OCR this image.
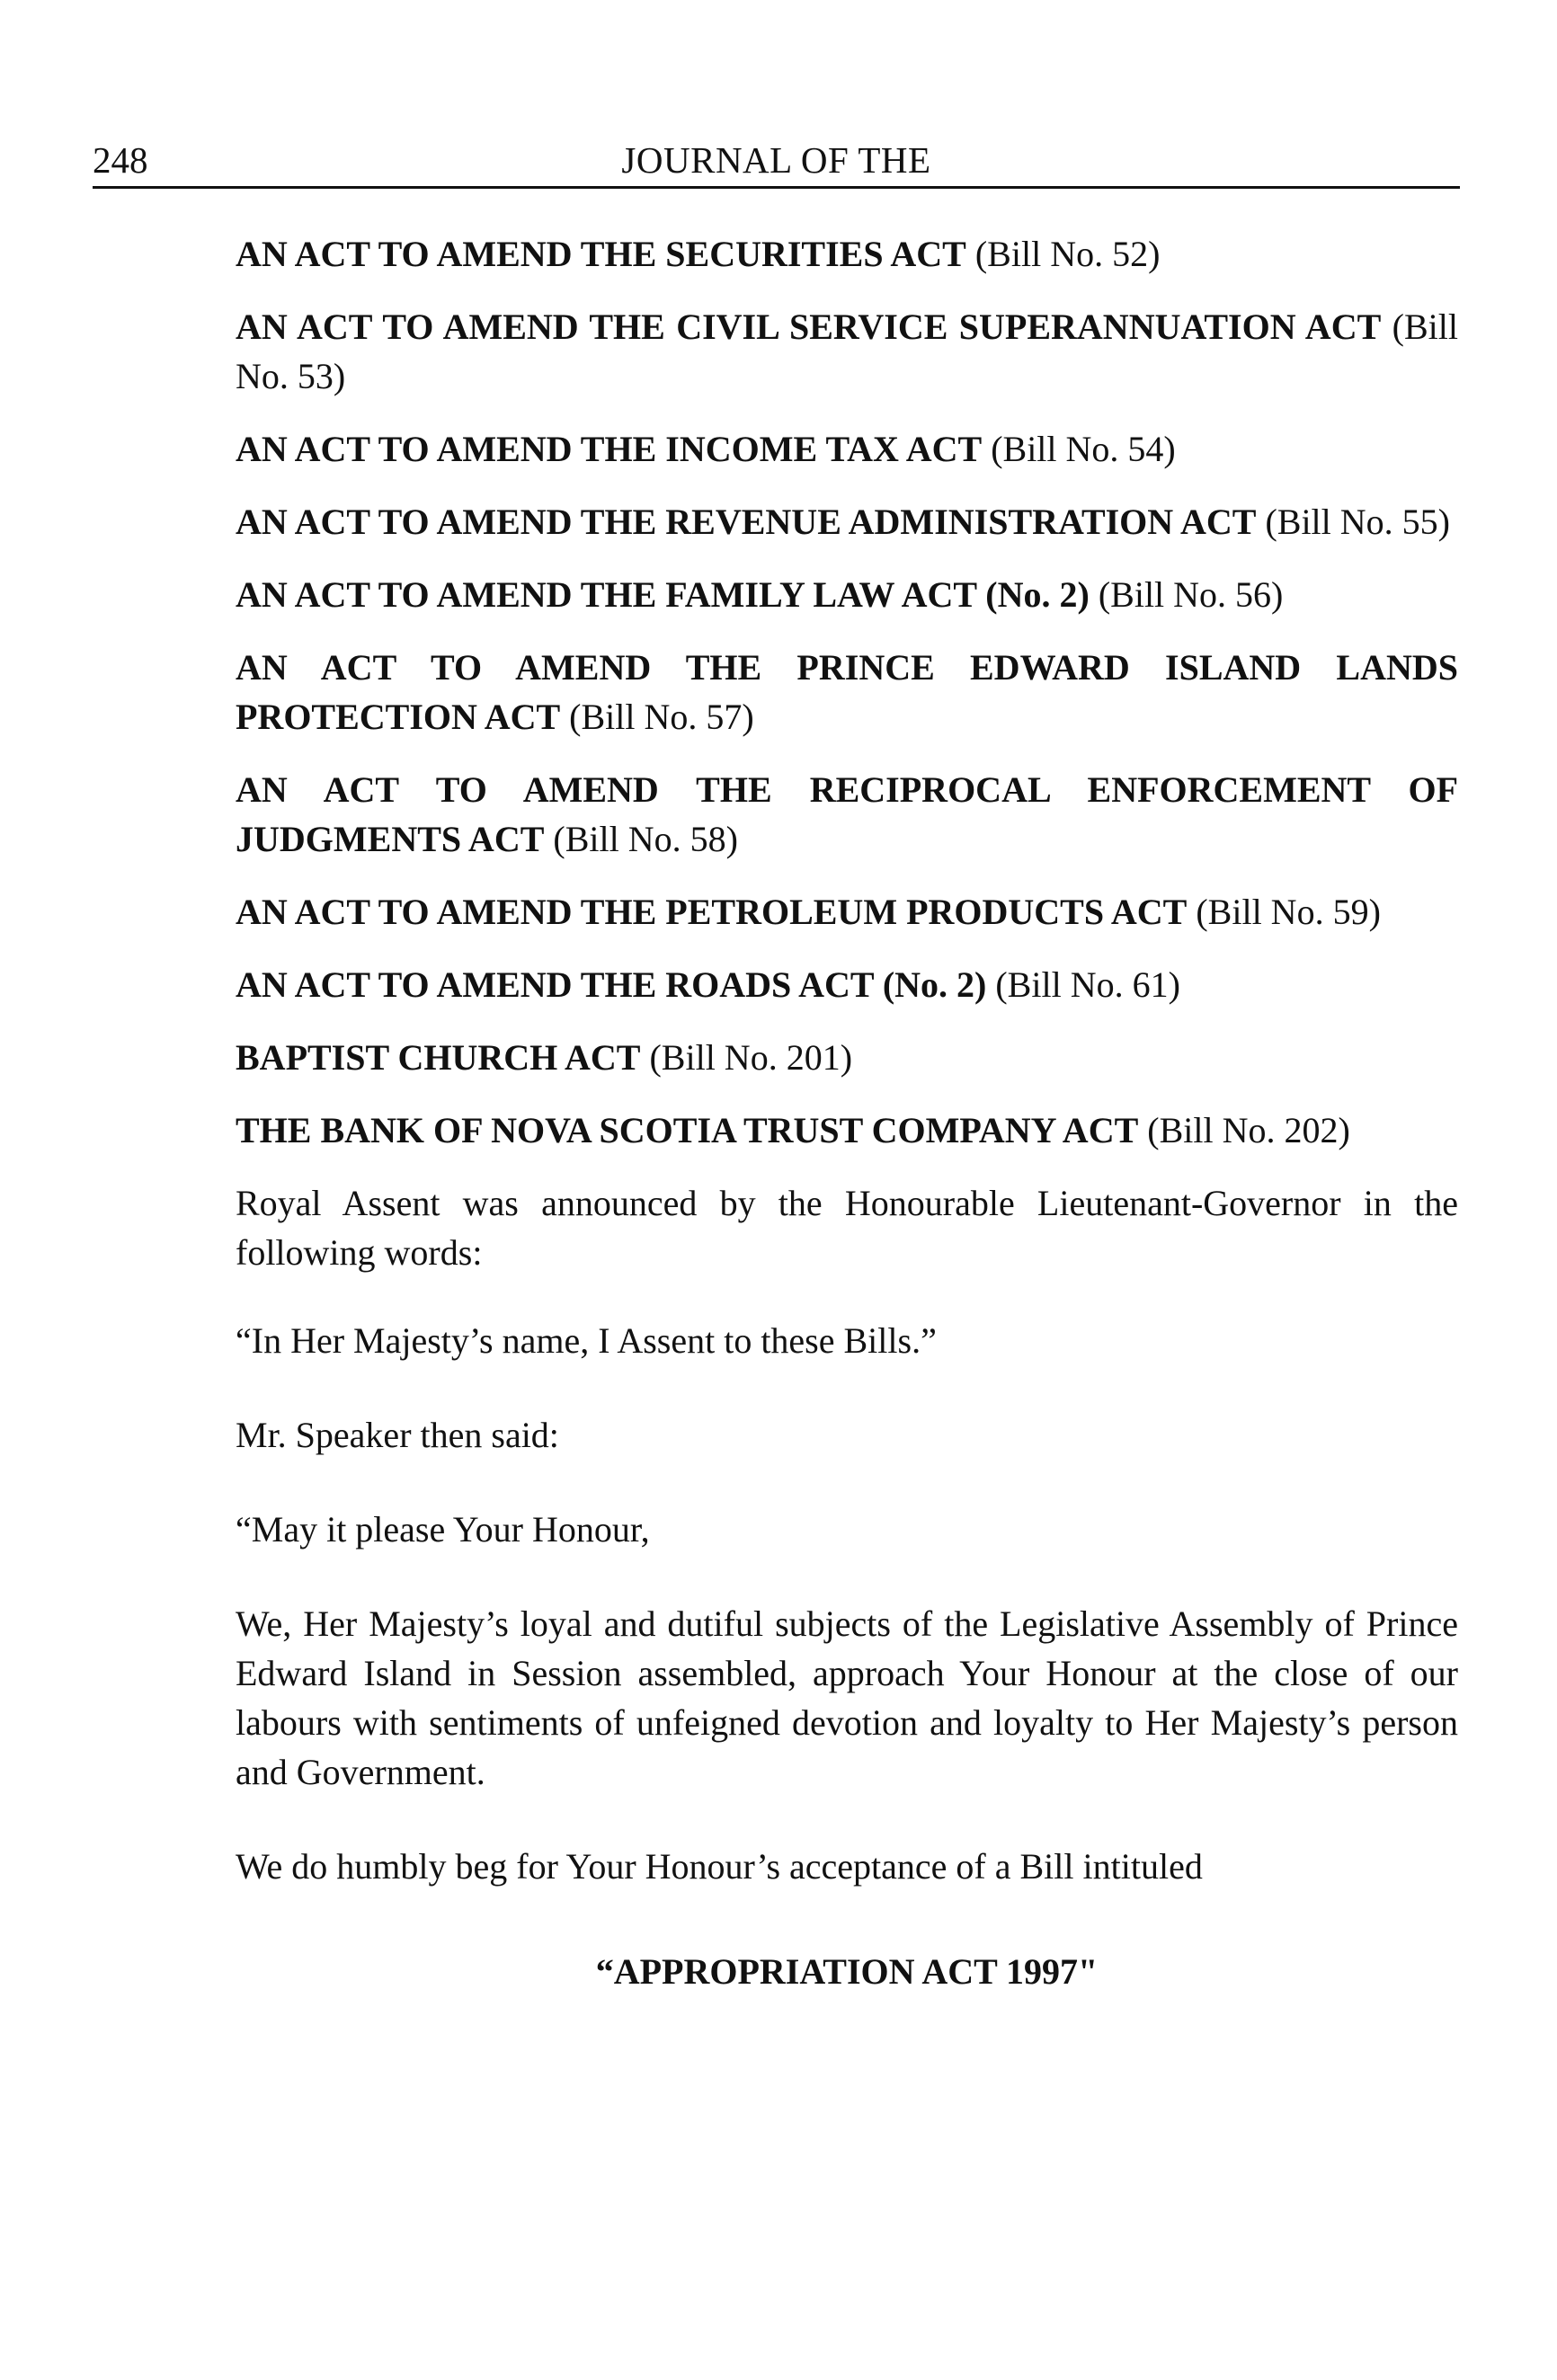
248	JOURNAL OF THE

AN ACT TO AMEND THE SECURITIES ACT (Bill No. 52)

AN ACT TO AMEND THE CIVIL SERVICE SUPERANNUATION ACT (Bill No. 53)

AN ACT TO AMEND THE INCOME TAX ACT (Bill No. 54)

AN ACT TO AMEND THE REVENUE ADMINISTRATION ACT (Bill No. 55)

AN ACT TO AMEND THE FAMILY LAW ACT (No. 2) (Bill No. 56)

AN ACT TO AMEND THE PRINCE EDWARD ISLAND LANDS PROTECTION ACT (Bill No. 57)

AN ACT TO AMEND THE RECIPROCAL ENFORCEMENT OF JUDGMENTS ACT (Bill No. 58)

AN ACT TO AMEND THE PETROLEUM PRODUCTS ACT (Bill No. 59)

AN ACT TO AMEND THE ROADS ACT (No. 2) (Bill No. 61)

BAPTIST CHURCH ACT (Bill No. 201)

THE BANK OF NOVA SCOTIA TRUST COMPANY ACT (Bill No. 202)

Royal Assent was announced by the Honourable Lieutenant-Governor in the following words:

“In Her Majesty’s name, I Assent to these Bills.”

Mr. Speaker then said:

“May it please Your Honour,

We, Her Majesty’s loyal and dutiful subjects of the Legislative Assembly of Prince Edward Island in Session assembled, approach Your Honour at the close of our labours with sentiments of unfeigned devotion and loyalty to Her Majesty’s person and Government.

We do humbly beg for Your Honour’s acceptance of a Bill intituled

“APPROPRIATION ACT 1997"
